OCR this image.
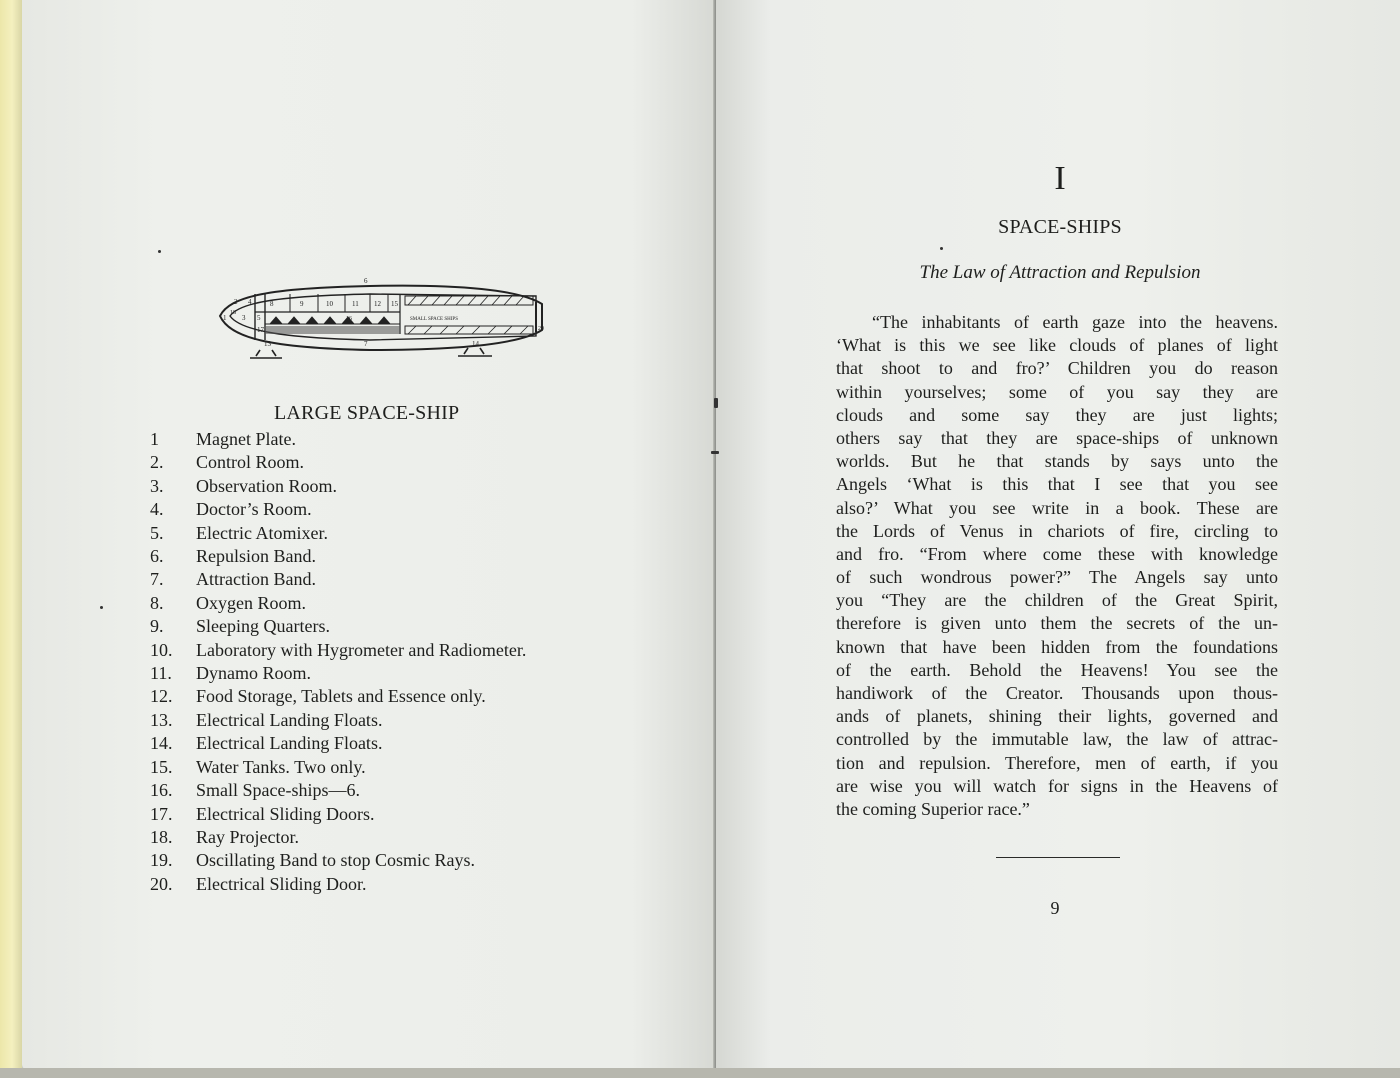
6
2 4	8	9	10	11 12 15
3
1
18
5
17
16	SMALL SPACE SHIPS
20
13	7	14
LARGE SPACE-SHIP
1	Magnet Plate.
2.	Control Room.
3.	Observation Room.
4.	Doctor’s Room.
5.	Electric Atomixer.
6.	Repulsion Band.
7.	Attraction Band.
8.	Oxygen Room.
9.	Sleeping Quarters.
10.	Laboratory with Hygrometer and Radiometer.
11.	Dynamo Room.
12.	Food Storage, Tablets and Essence only.
13.	Electrical Landing Floats.
14.	Electrical Landing Floats.
15.	Water Tanks. Two only.
16.	Small Space-ships—6.
17.	Electrical Sliding Doors.
18.	Ray Projector.
19.	Oscillating Band to stop Cosmic Rays.
20.	Electrical Sliding Door.
I
SPACE-SHIPS
The Law of Attraction and Repulsion
“The inhabitants of earth gaze into the heavens.
‘What is this we see like clouds of planes of light
that shoot to and fro?’ Children you do reason
within yourselves; some of you say they are
clouds and some say they are just lights;
others say that they are space-ships of unknown
worlds. But he that stands by says unto the
Angels ‘What is this that I see that you see
also?’ What you see write in a book. These are
the Lords of Venus in chariots of fire, circling to
and fro. “From where come these with knowledge
of such wondrous power?” The Angels say unto
you “They are the children of the Great Spirit,
therefore is given unto them the secrets of the un-
known that have been hidden from the foundations
of the earth. Behold the Heavens! You see the
handiwork of the Creator. Thousands upon thous-
ands of planets, shining their lights, governed and
controlled by the immutable law, the law of attrac-
tion and repulsion. Therefore, men of earth, if you
are wise you will watch for signs in the Heavens of
the coming Superior race.”
9
